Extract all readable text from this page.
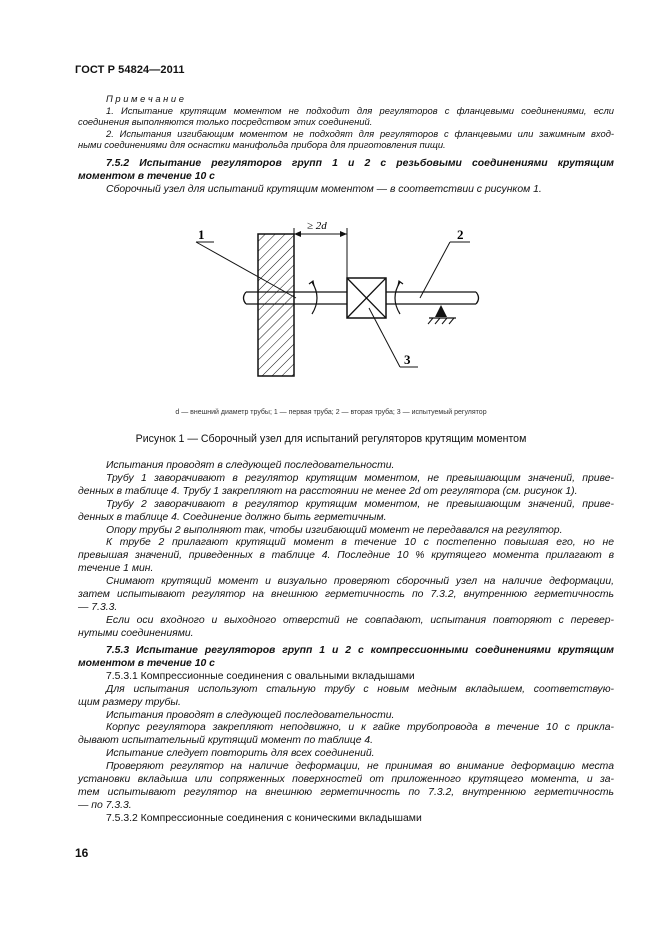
ГОСТ Р 54824—2011
П р и м е ч а н и е
1. Испытание крутящим моментом не подходит для регуляторов с фланцевыми соединениями, если
соединения выполняются только посредством этих соединений.
2. Испытания изгибающим моментом не подходят для регуляторов с фланцевыми или зажимным вход-
ными соединениями для оснастки манифольда прибора для приготовления пищи.
7.5.2 Испытание регуляторов групп 1 и 2 с резьбовыми соединениями крутящим
моментом в течение 10 с
Сборочный узел для испытаний крутящим моментом — в соответствии с рисунком 1.
≥ 2d
1	2
3
d — внешний диаметр трубы; 1 — первая труба; 2 — вторая труба; 3 — испытуемый регулятор
Рисунок 1 — Сборочный узел для испытаний регуляторов крутящим моментом
Испытания проводят в следующей последовательности.
Трубу 1 заворачивают в регулятор крутящим моментом, не превышающим значений, приве-
денных в таблице 4. Трубу 1 закрепляют на расстоянии не менее 2d от регулятора (см. рисунок 1).
Трубу 2 заворачивают в регулятор крутящим моментом, не превышающим значений, приве-
денных в таблице 4. Соединение должно быть герметичным.
Опору трубы 2 выполняют так, чтобы изгибающий момент не передавался на регулятор.
К трубе 2 прилагают крутящий момент в течение 10 с постепенно повышая его, но не
превышая значений, приведенных в таблице 4. Последние 10 % крутящего момента прилагают в
течение 1 мин.
Снимают крутящий момент и визуально проверяют сборочный узел на наличие деформации,
затем испытывают регулятор на внешнюю герметичность по 7.3.2, внутреннюю герметичность
— 7.3.3.
Если оси входного и выходного отверстий не совпадают, испытания повторяют с перевер-
нутыми соединениями.
7.5.3 Испытание регуляторов групп 1 и 2 с компрессионными соединениями крутящим
моментом в течение 10 с
7.5.3.1 Компрессионные соединения с овальными вкладышами
Для испытания используют стальную трубу с новым медным вкладышем, соответствую-
щим размеру трубы.
Испытания проводят в следующей последовательности.
Корпус регулятора закрепляют неподвижно, и к гайке трубопровода в течение 10 с прикла-
дывают испытательный крутящий момент по таблице 4.
Испытание следует повторить для всех соединений.
Проверяют регулятор на наличие деформации, не принимая во внимание деформацию места
установки вкладыша или сопряженных поверхностей от приложенного крутящего момента, и за-
тем испытывают регулятор на внешнюю герметичность по 7.3.2, внутреннюю герметичность
— по 7.3.3.
7.5.3.2 Компрессионные соединения с коническими вкладышами
16
